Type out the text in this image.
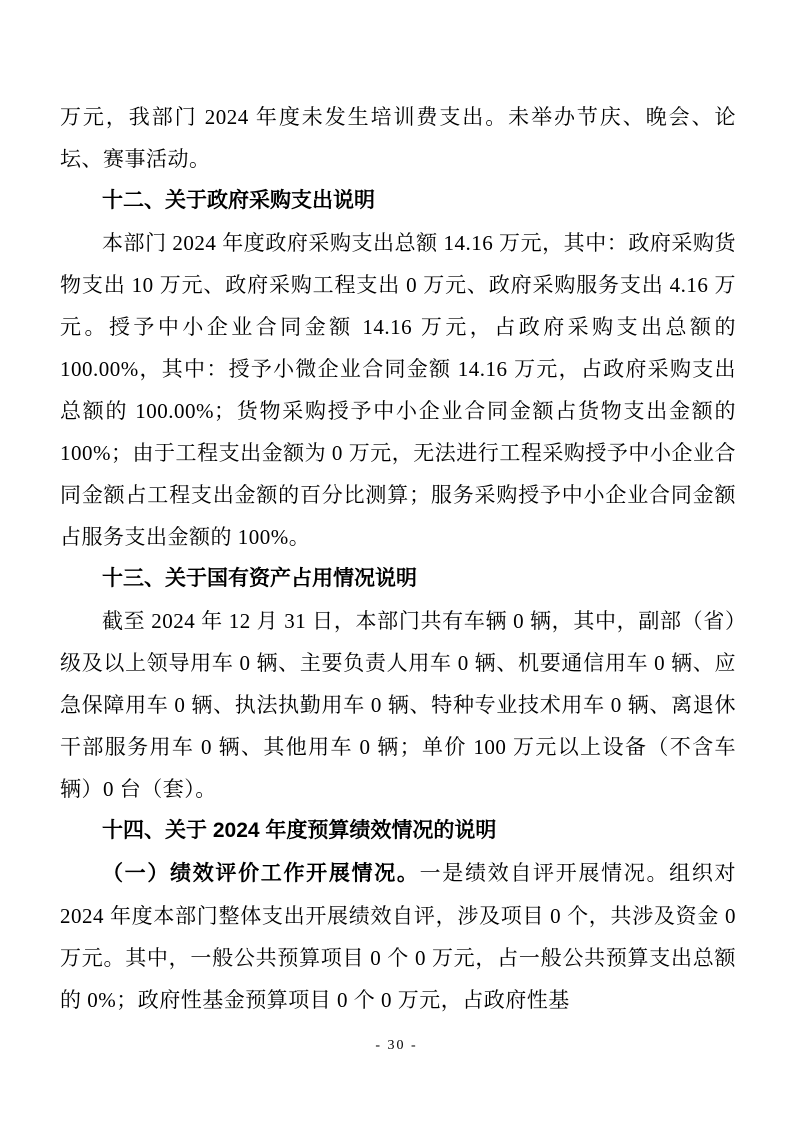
万元，我部门 2024 年度未发生培训费支出。未举办节庆、晚会、论坛、赛事活动。

十二、关于政府采购支出说明

本部门 2024 年度政府采购支出总额 14.16 万元，其中：政府采购货物支出 10 万元、政府采购工程支出 0 万元、政府采购服务支出 4.16 万元。授予中小企业合同金额 14.16 万元，占政府采购支出总额的 100.00%，其中：授予小微企业合同金额 14.16 万元，占政府采购支出总额的 100.00%；货物采购授予中小企业合同金额占货物支出金额的 100%；由于工程支出金额为 0 万元，无法进行工程采购授予中小企业合同金额占工程支出金额的百分比测算；服务采购授予中小企业合同金额占服务支出金额的 100%。

十三、关于国有资产占用情况说明

截至 2024 年 12 月 31 日，本部门共有车辆 0 辆，其中，副部（省）级及以上领导用车 0 辆、主要负责人用车 0 辆、机要通信用车 0 辆、应急保障用车 0 辆、执法执勤用车 0 辆、特种专业技术用车 0 辆、离退休干部服务用车 0 辆、其他用车 0 辆；单价 100 万元以上设备（不含车辆）0 台（套）。

十四、关于 2024 年度预算绩效情况的说明

（一）绩效评价工作开展情况。一是绩效自评开展情况。组织对 2024 年度本部门整体支出开展绩效自评，涉及项目 0 个，共涉及资金 0 万元。其中，一般公共预算项目 0 个 0 万元，占一般公共预算支出总额的 0%；政府性基金预算项目 0 个 0 万元，占政府性基

- 30 -
